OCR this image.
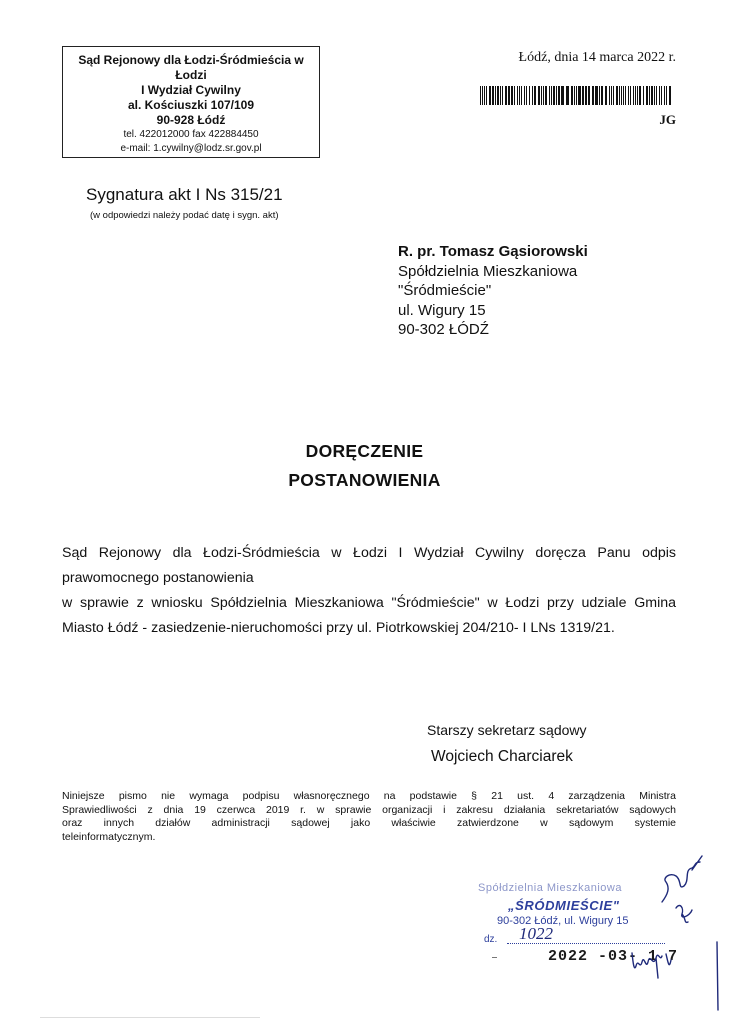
Sąd Rejonowy dla Łodzi-Śródmieścia w
Łodzi
I Wydział Cywilny
al. Kościuszki 107/109
90-928 Łódź
tel. 422012000 fax 422884450
e-mail: 1.cywilny@lodz.sr.gov.pl
Łódź, dnia 14 marca 2022 r.
JG
Sygnatura akt I Ns 315/21
(w odpowiedzi należy podać datę i sygn. akt)
R. pr. Tomasz Gąsiorowski
Spółdzielnia Mieszkaniowa
"Śródmieście"
ul. Wigury 15
90-302 ŁÓDŹ
DORĘCZENIE
POSTANOWIENIA

Sąd Rejonowy dla Łodzi-Śródmieścia w Łodzi I Wydział Cywilny doręcza Panu odpis

prawomocnego postanowienia

w sprawie z wniosku Spółdzielnia Mieszkaniowa "Śródmieście" w Łodzi przy udziale Gmina

Miasto Łódź - zasiedzenie-nieruchomości przy ul. Piotrkowskiej 204/210- I LNs 1319/21.

Starszy sekretarz sądowy
Wojciech Charciarek

Niniejsze pismo nie wymaga podpisu własnoręcznego na podstawie § 21 ust. 4 zarządzenia Ministra

Sprawiedliwości z dnia 19 czerwca 2019 r. w sprawie organizacji i zakresu działania sekretariatów sądowych

oraz innych działów administracji sądowej jako właściwie zatwierdzone w sądowym systemie

teleinformatycznym.

Spółdzielnia Mieszkaniowa
„ŚRÓDMIEŚCIE"
90-302 Łódź, ul. Wigury 15
dz.
2022 -03- 1 7
1022
